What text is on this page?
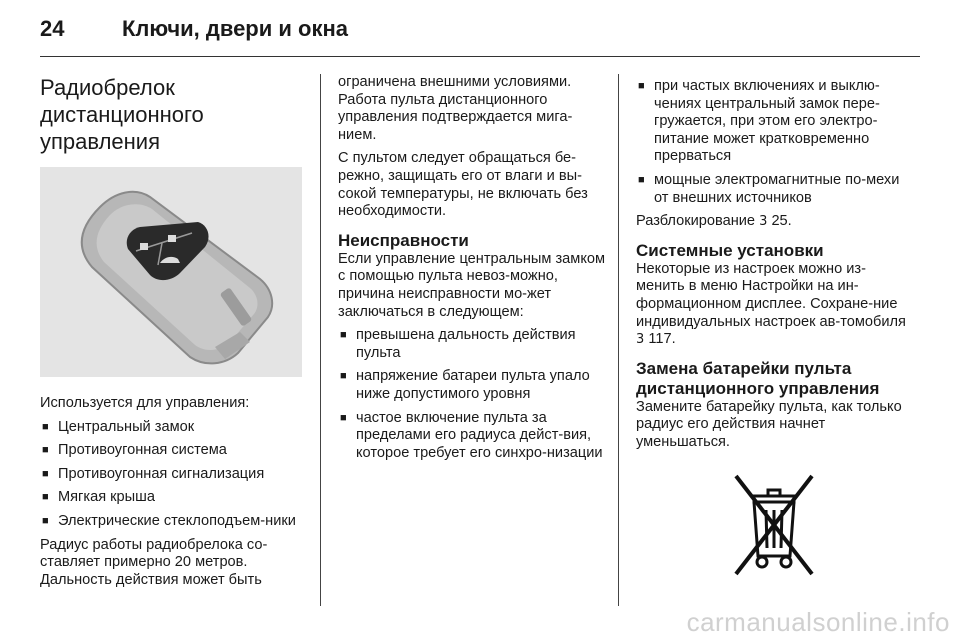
24	Ключи, двери и окна
Радиобрелок
дистанционного
управления

Используется для управления:

■ Центральный замок
■ Противоугонная система
■ Противоугонная сигнализация
■ Мягкая крыша
■ Электрические стеклоподъем-ники

Радиус работы радиобрелока со-ставляет примерно 20 метров. Дальность действия может быть

ограничена внешними условиями. Работа пульта дистанционного управления подтверждается мига-нием.

С пультом следует обращаться бе-режно, защищать его от влаги и вы-сокой температуры, не включать без необходимости.

Неисправности

Если управление центральным замком с помощью пульта невоз-можно, причина неисправности мо-жет заключаться в следующем:

■ превышена дальность действия пульта
■ напряжение батареи пульта упало ниже допустимого уровня
■ частое включение пульта за пределами его радиуса дейст-вия, которое требует его синхро-низации
■ при частых включениях и выклю-чениях центральный замок пере-гружается, при этом его электро-питание может кратковременно прерваться
■ мощные электромагнитные по-мехи от внешних источников

Разблокирование 3 25.

Системные установки

Некоторые из настроек можно из-менить в меню Настройки на ин-формационном дисплее. Сохране-ние индивидуальных настроек ав-томобиля 3 117.

Замена батарейки пульта дистанционного управления

Замените батарейку пульта, как только радиус его действия начнет уменьшаться.

carmanualsonline.info
